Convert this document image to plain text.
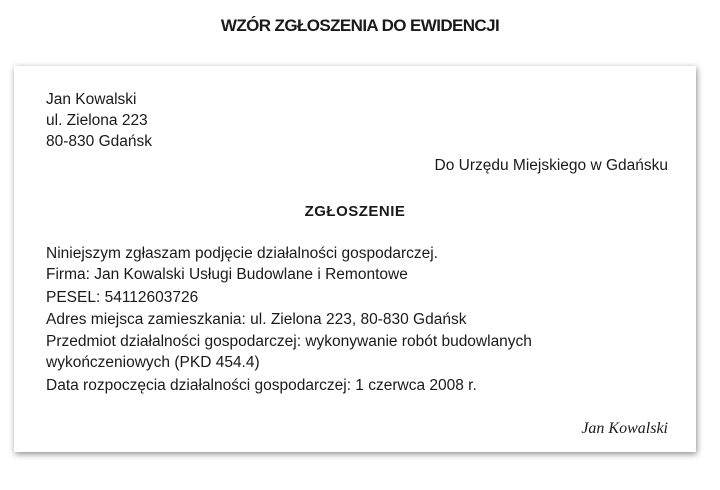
WZÓR ZGŁOSZENIA DO EWIDENCJI
Jan Kowalski
ul. Zielona 223
80-830 Gdańsk
Do Urzędu Miejskiego w Gdańsku
ZGŁOSZENIE
Niniejszym zgłaszam podjęcie działalności gospodarczej.
Firma: Jan Kowalski Usługi Budowlane i Remontowe
PESEL: 54112603726
Adres miejsca zamieszkania: ul. Zielona 223, 80-830 Gdańsk
Przedmiot działalności gospodarczej: wykonywanie robót budowlanych
wykończeniowych (PKD 454.4)
Data rozpoczęcia działalności gospodarczej: 1 czerwca 2008 r.
Jan Kowalski
